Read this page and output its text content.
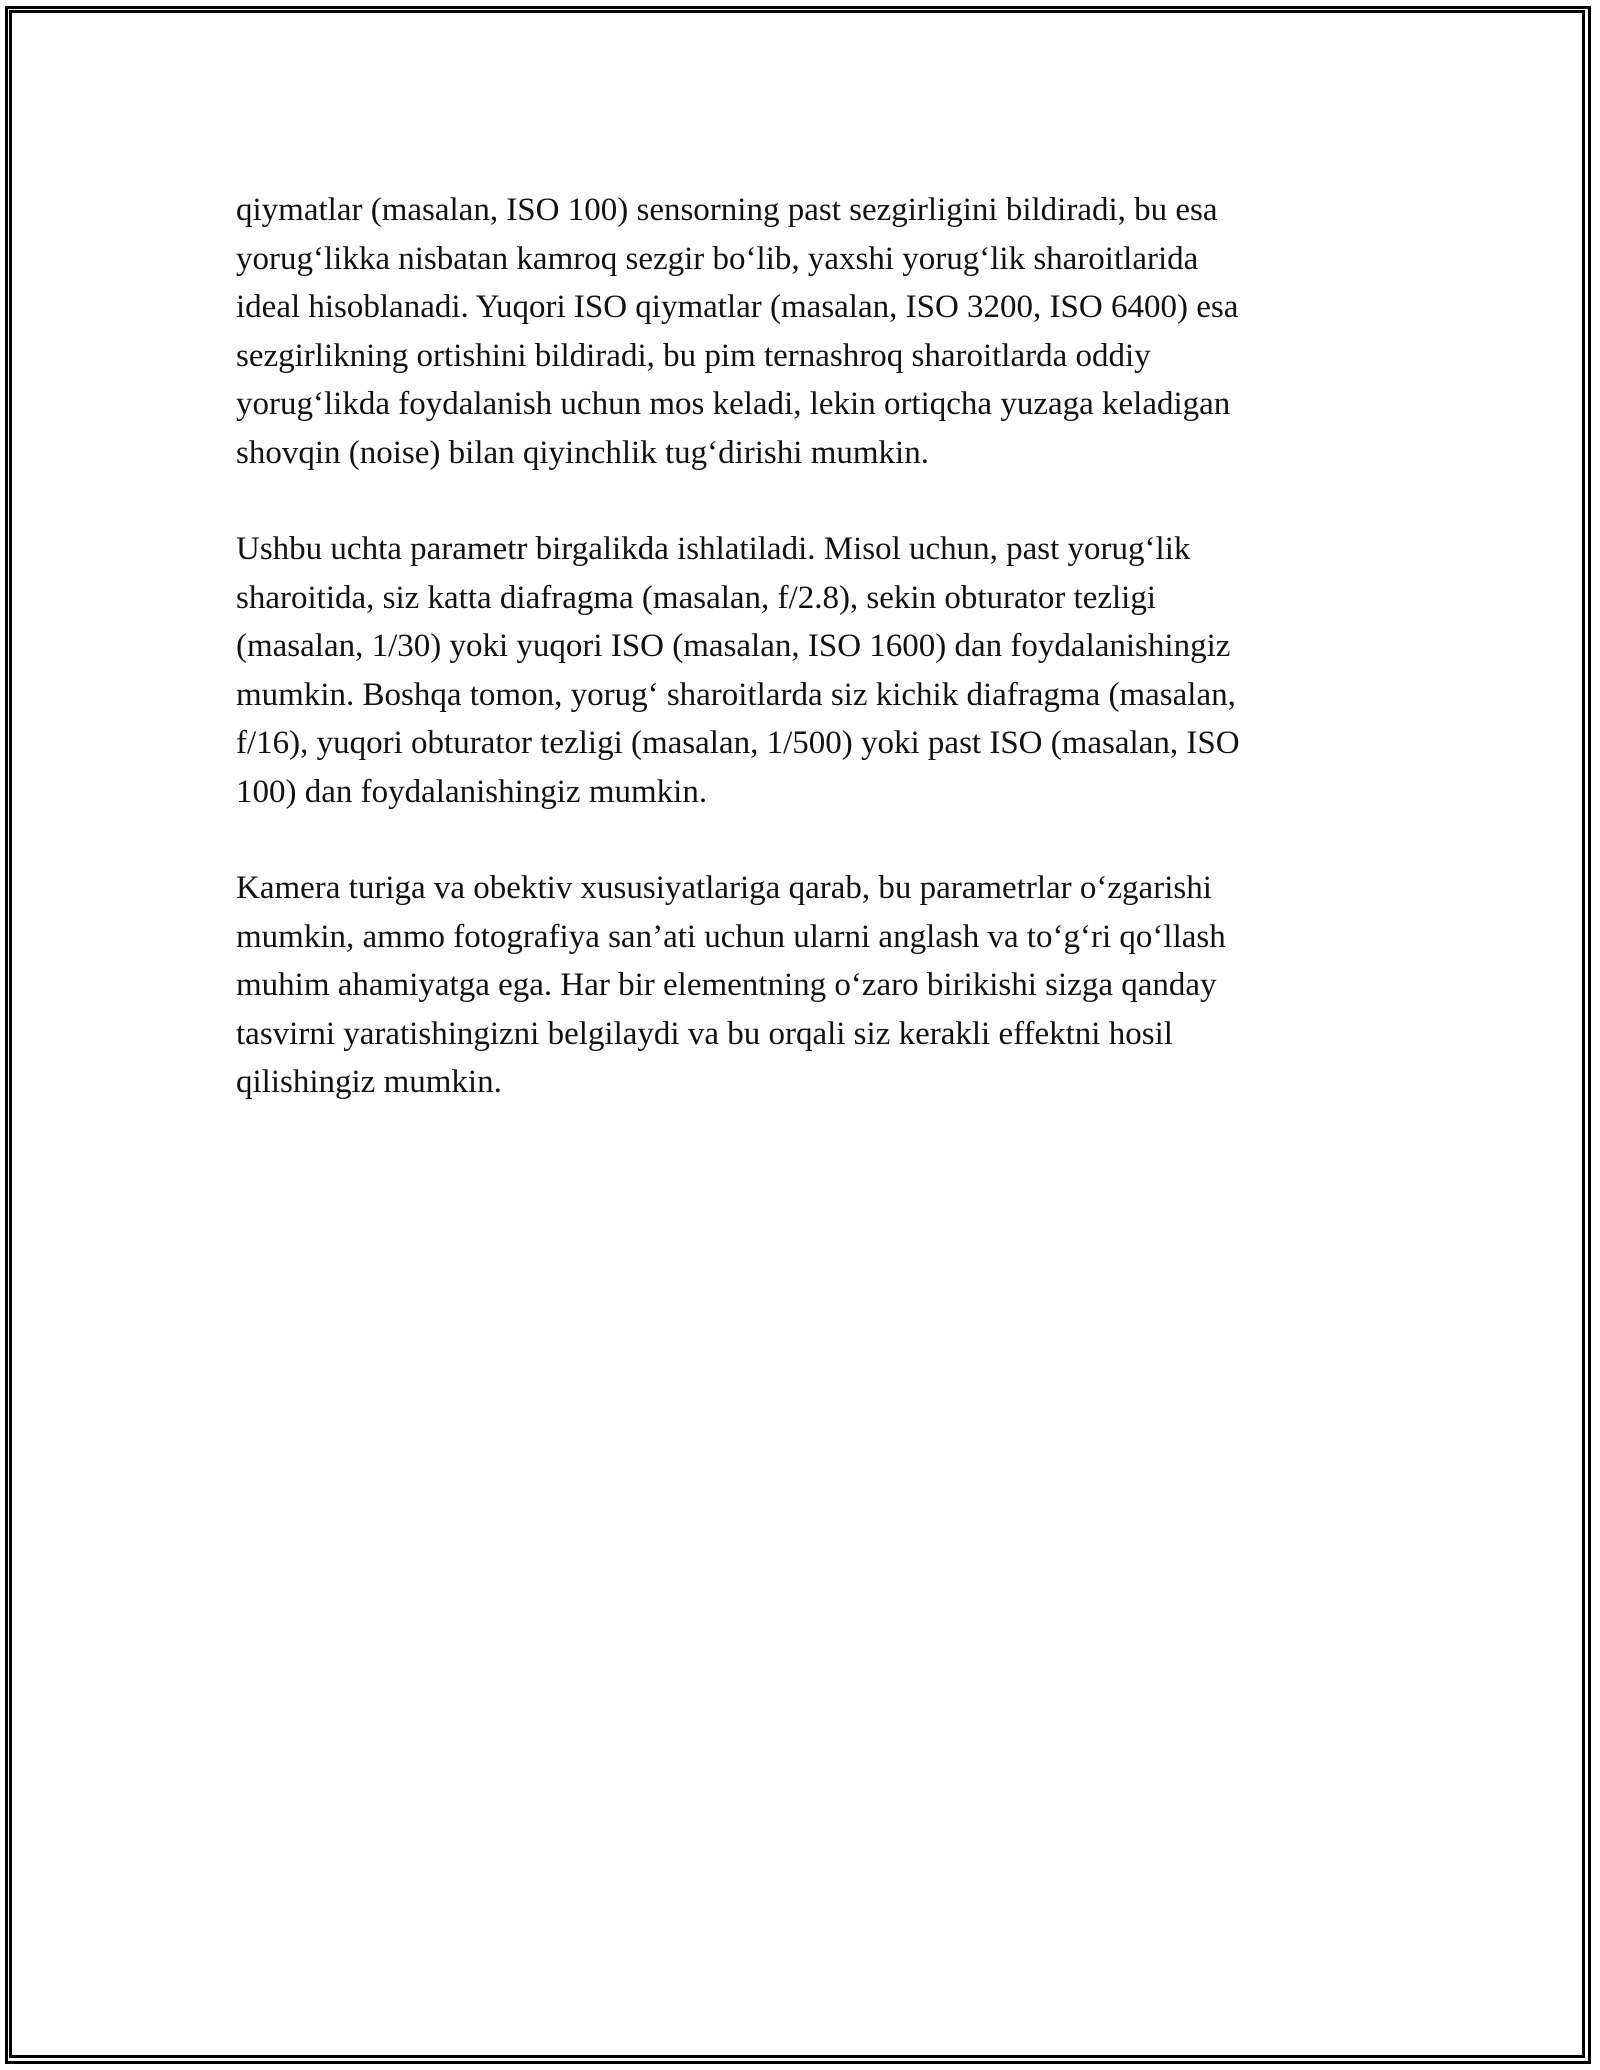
qiymatlar (masalan, ISO 100) sensorning past sezgirligini bildiradi, bu esa
yorug‘likka nisbatan kamroq sezgir bo‘lib, yaxshi yorug‘lik sharoitlarida
ideal hisoblanadi. Yuqori ISO qiymatlar (masalan, ISO 3200, ISO 6400) esa
sezgirlikning ortishini bildiradi, bu pim ternashroq sharoitlarda oddiy
yorug‘likda foydalanish uchun mos keladi, lekin ortiqcha yuzaga keladigan
shovqin (noise) bilan qiyinchlik tug‘dirishi mumkin.

Ushbu uchta parametr birgalikda ishlatiladi. Misol uchun, past yorug‘lik
sharoitida, siz katta diafragma (masalan, f/2.8), sekin obturator tezligi
(masalan, 1/30) yoki yuqori ISO (masalan, ISO 1600) dan foydalanishingiz
mumkin. Boshqa tomon, yorug‘ sharoitlarda siz kichik diafragma (masalan,
f/16), yuqori obturator tezligi (masalan, 1/500) yoki past ISO (masalan, ISO
100) dan foydalanishingiz mumkin.

Kamera turiga va obektiv xususiyatlariga qarab, bu parametrlar o‘zgarishi
mumkin, ammo fotografiya san’ati uchun ularni anglash va to‘g‘ri qo‘llash
muhim ahamiyatga ega. Har bir elementning o‘zaro birikishi sizga qanday
tasvirni yaratishingizni belgilaydi va bu orqali siz kerakli effektni hosil
qilishingiz mumkin.
